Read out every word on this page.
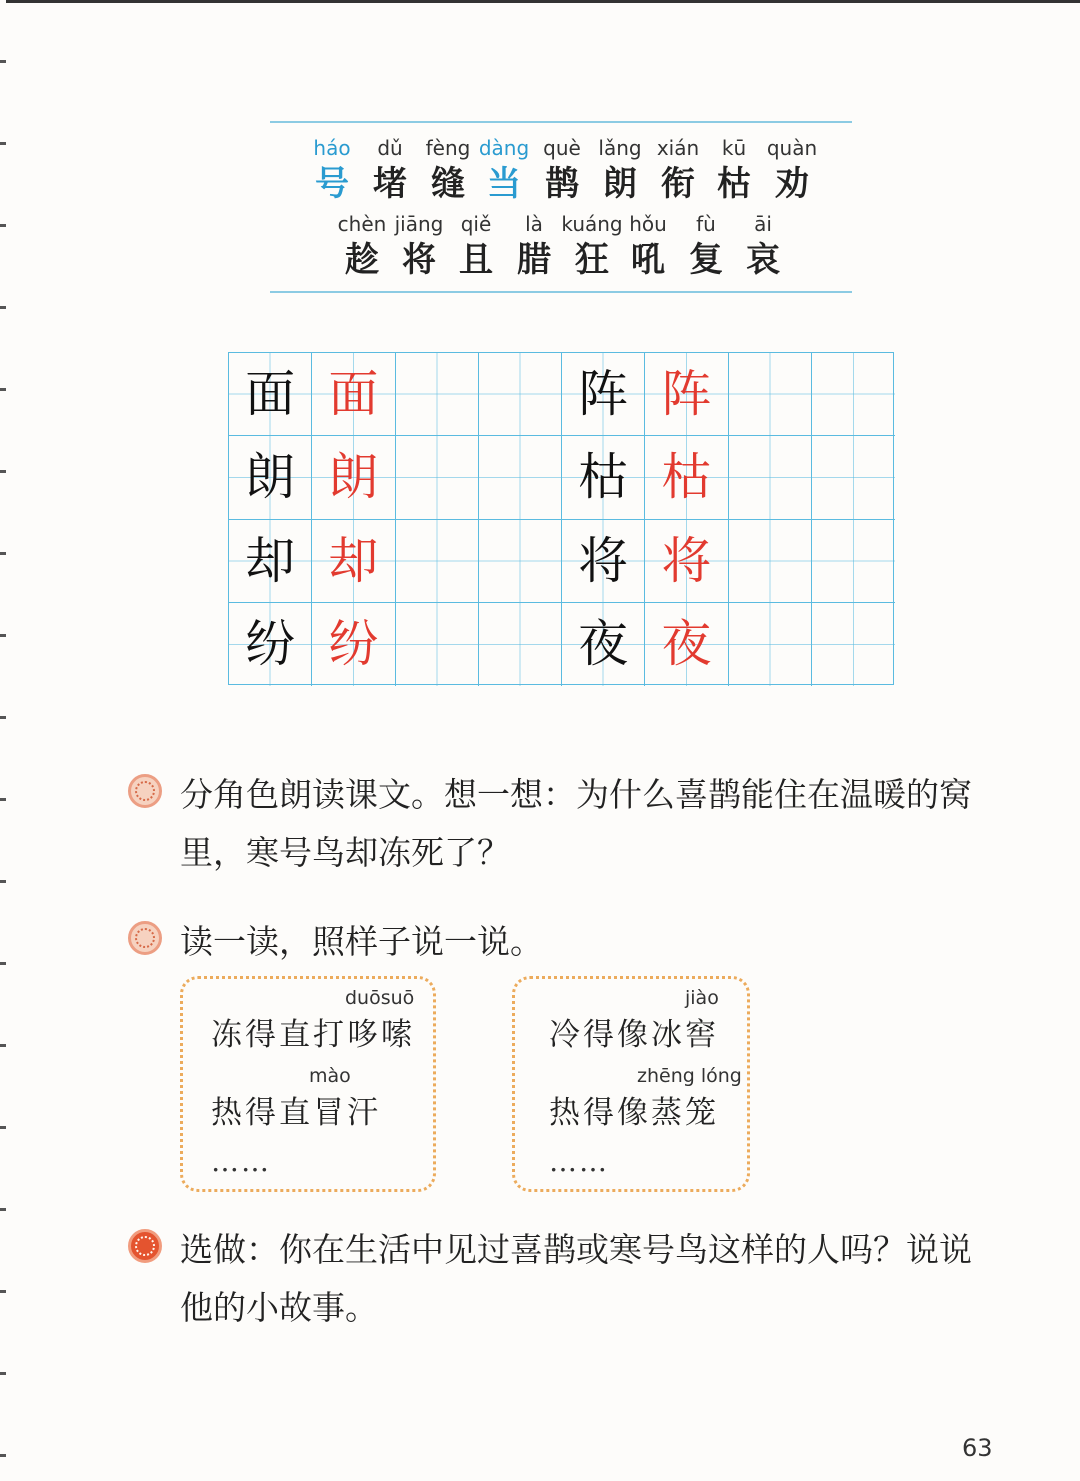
háo
号
dǔ
堵
fèng
缝
dàng
当
què
鹊
lǎng
朗
xián
衔
kū
枯
quàn
劝
chèn
趁
jiāng
将
qiě
且
là
腊
kuáng
狂
hǒu
吼
fù
复
āi
哀
面 面	阵 阵
朗 朗	枯 枯
却 却	将 将
纷 纷	夜 夜
分角色朗读课文。想一想：为什么喜鹊能住在温暖的窝
里，寒号鸟却冻死了？
读一读，照样子说一说。
duōsuō
冻得直打哆嗦
mào
热得直冒汗
……
jiào
冷得像冰窖
zhēng lóng
热得像蒸笼
……
选做：你在生活中见过喜鹊或寒号鸟这样的人吗？说说
他的小故事。
63
